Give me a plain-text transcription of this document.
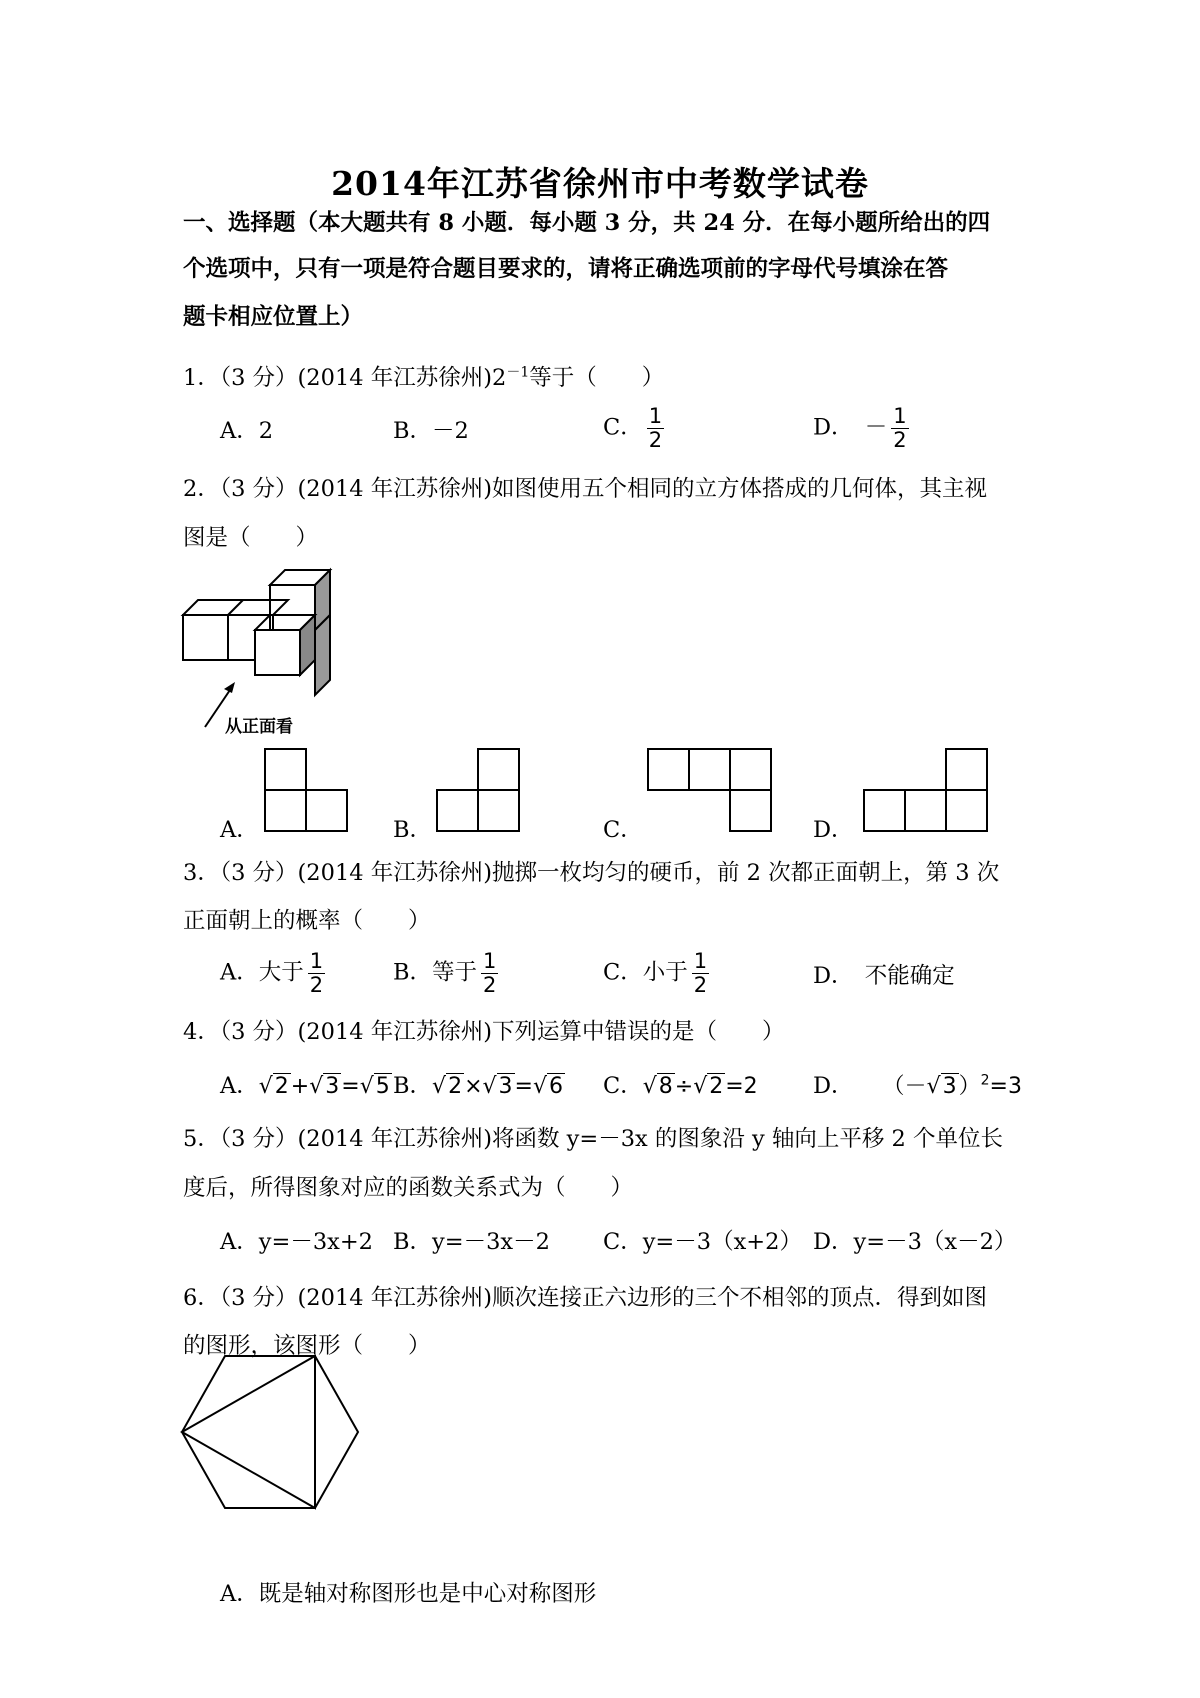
2014年江苏省徐州市中考数学试卷
一、选择题（本大题共有 8 小题．每小题 3 分，共 24 分．在每小题所给出的四
个选项中，只有一项是符合题目要求的，请将正确选项前的字母代号填涂在答
题卡相应位置上）
1．（3 分）(2014 年江苏徐州)$2^{-1}$等于（　　）
A．2	B．－2	C． $\frac{1}{2}$	D．　－ $\frac{1}{2}$
2．（3 分）(2014 年江苏徐州)如图使用五个相同的立方体搭成的几何体，其主视
图是（　　）
从正面看
A．	B．	C．	D．
3．（3 分）(2014 年江苏徐州)抛掷一枚均匀的硬币，前 2 次都正面朝上，第 3 次
正面朝上的概率（　　）
A．大于 $\frac{1}{2}$	B．等于 $\frac{1}{2}$	C．小于 $\frac{1}{2}$	D．　不能确定
4．（3 分）(2014 年江苏徐州)下列运算中错误的是（　　）
A．√2+√3=√5 B．√2×√3=√6 C．√8÷√2=2 D． $(-√3)^2=3$
5．（3 分）(2014 年江苏徐州)将函数 y=－3x 的图象沿 y 轴向上平移 2 个单位长
度后，所得图象对应的函数关系式为（　　）
A．y=－3x+2 B．y=－3x－2 C．y=－3（x+2） D．y=－3（x－2）
6．（3 分）(2014 年江苏徐州)顺次连接正六边形的三个不相邻的顶点．得到如图
的图形，该图形（　　）
A．既是轴对称图形也是中心对称图形
